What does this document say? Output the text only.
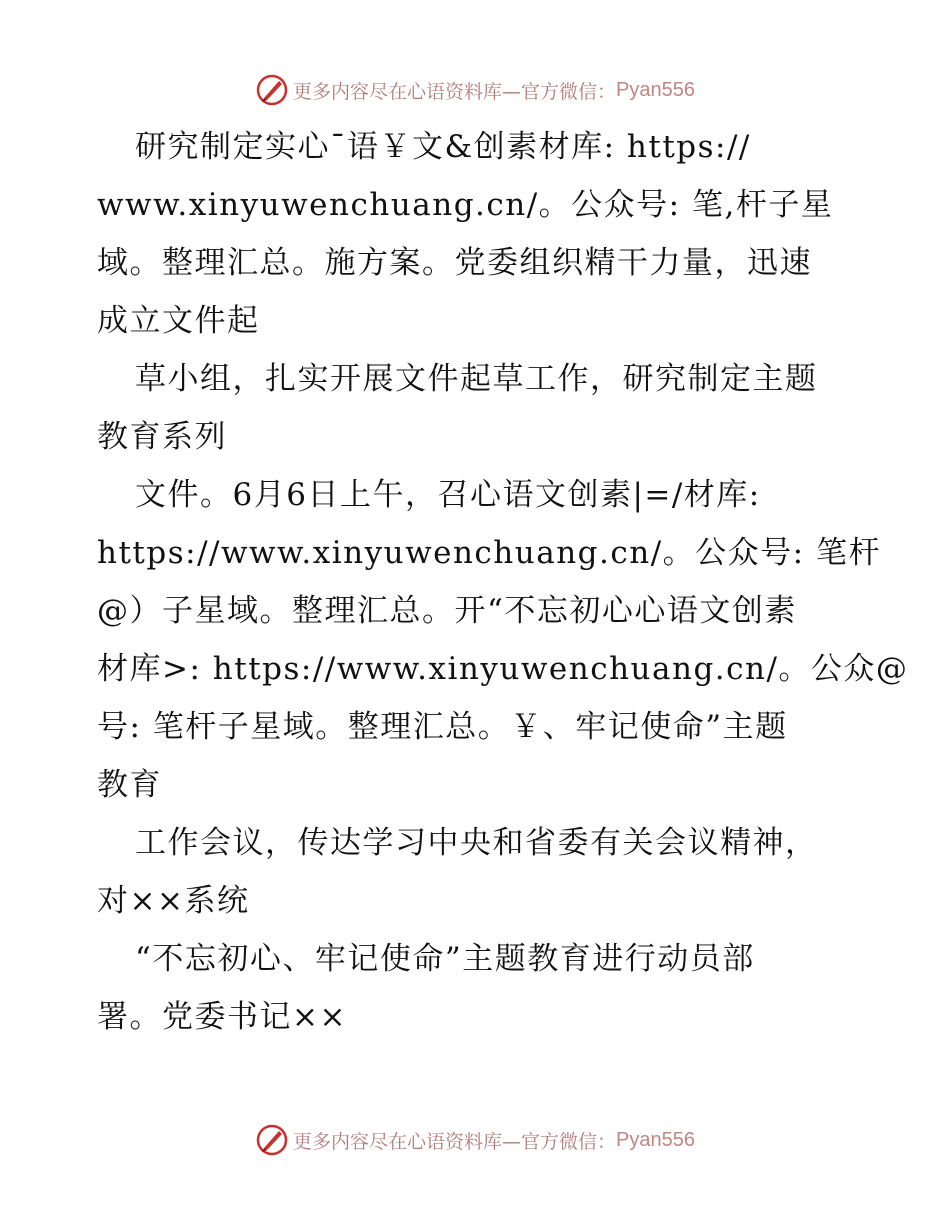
更多内容尽在心语资料库—官方微信： Pyan556
研究制定实心¯语￥文&创素材库: https://
www.xinyuwenchuang.cn/。公众号: 笔,杆子星
域。整理汇总。施方案。党委组织精干力量，迅速
成立文件起
草小组，扎实开展文件起草工作，研究制定主题
教育系列
文件。6月6日上午，召心语文创素|=/材库:
https://www.xinyuwenchuang.cn/。公众号: 笔杆
@）子星域。整理汇总。开“不忘初心心语文创素
材库>: https://www.xinyuwenchuang.cn/。公众@
号: 笔杆子星域。整理汇总。￥、牢记使命”主题
教育
工作会议，传达学习中央和省委有关会议精神，
对××系统
“不忘初心、牢记使命”主题教育进行动员部
署。党委书记××
更多内容尽在心语资料库—官方微信： Pyan556
